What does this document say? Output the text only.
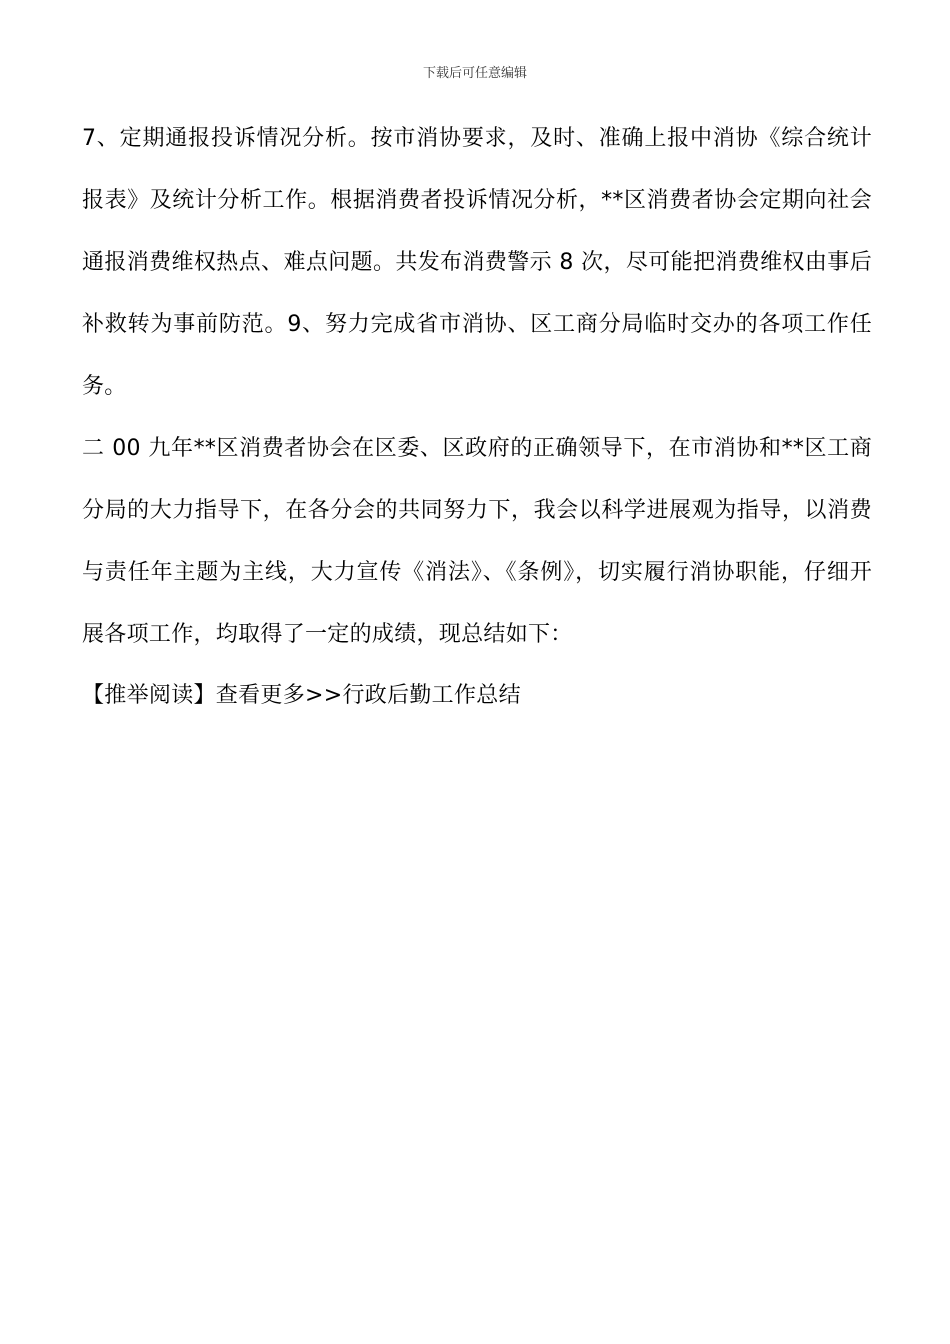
下载后可任意编辑

7、定期通报投诉情况分析。按市消协要求，及时、准确上报中消协《综合统计报表》及统计分析工作。根据消费者投诉情况分析，**区消费者协会定期向社会通报消费维权热点、难点问题。共发布消费警示 8 次，尽可能把消费维权由事后补救转为事前防范。9、努力完成省市消协、区工商分局临时交办的各项工作任务。

二 00 九年**区消费者协会在区委、区政府的正确领导下，在市消协和**区工商分局的大力指导下，在各分会的共同努力下，我会以科学进展观为指导，以消费与责任年主题为主线，大力宣传《消法》、《条例》，切实履行消协职能，仔细开展各项工作，均取得了一定的成绩，现总结如下：

【推举阅读】查看更多>>行政后勤工作总结
